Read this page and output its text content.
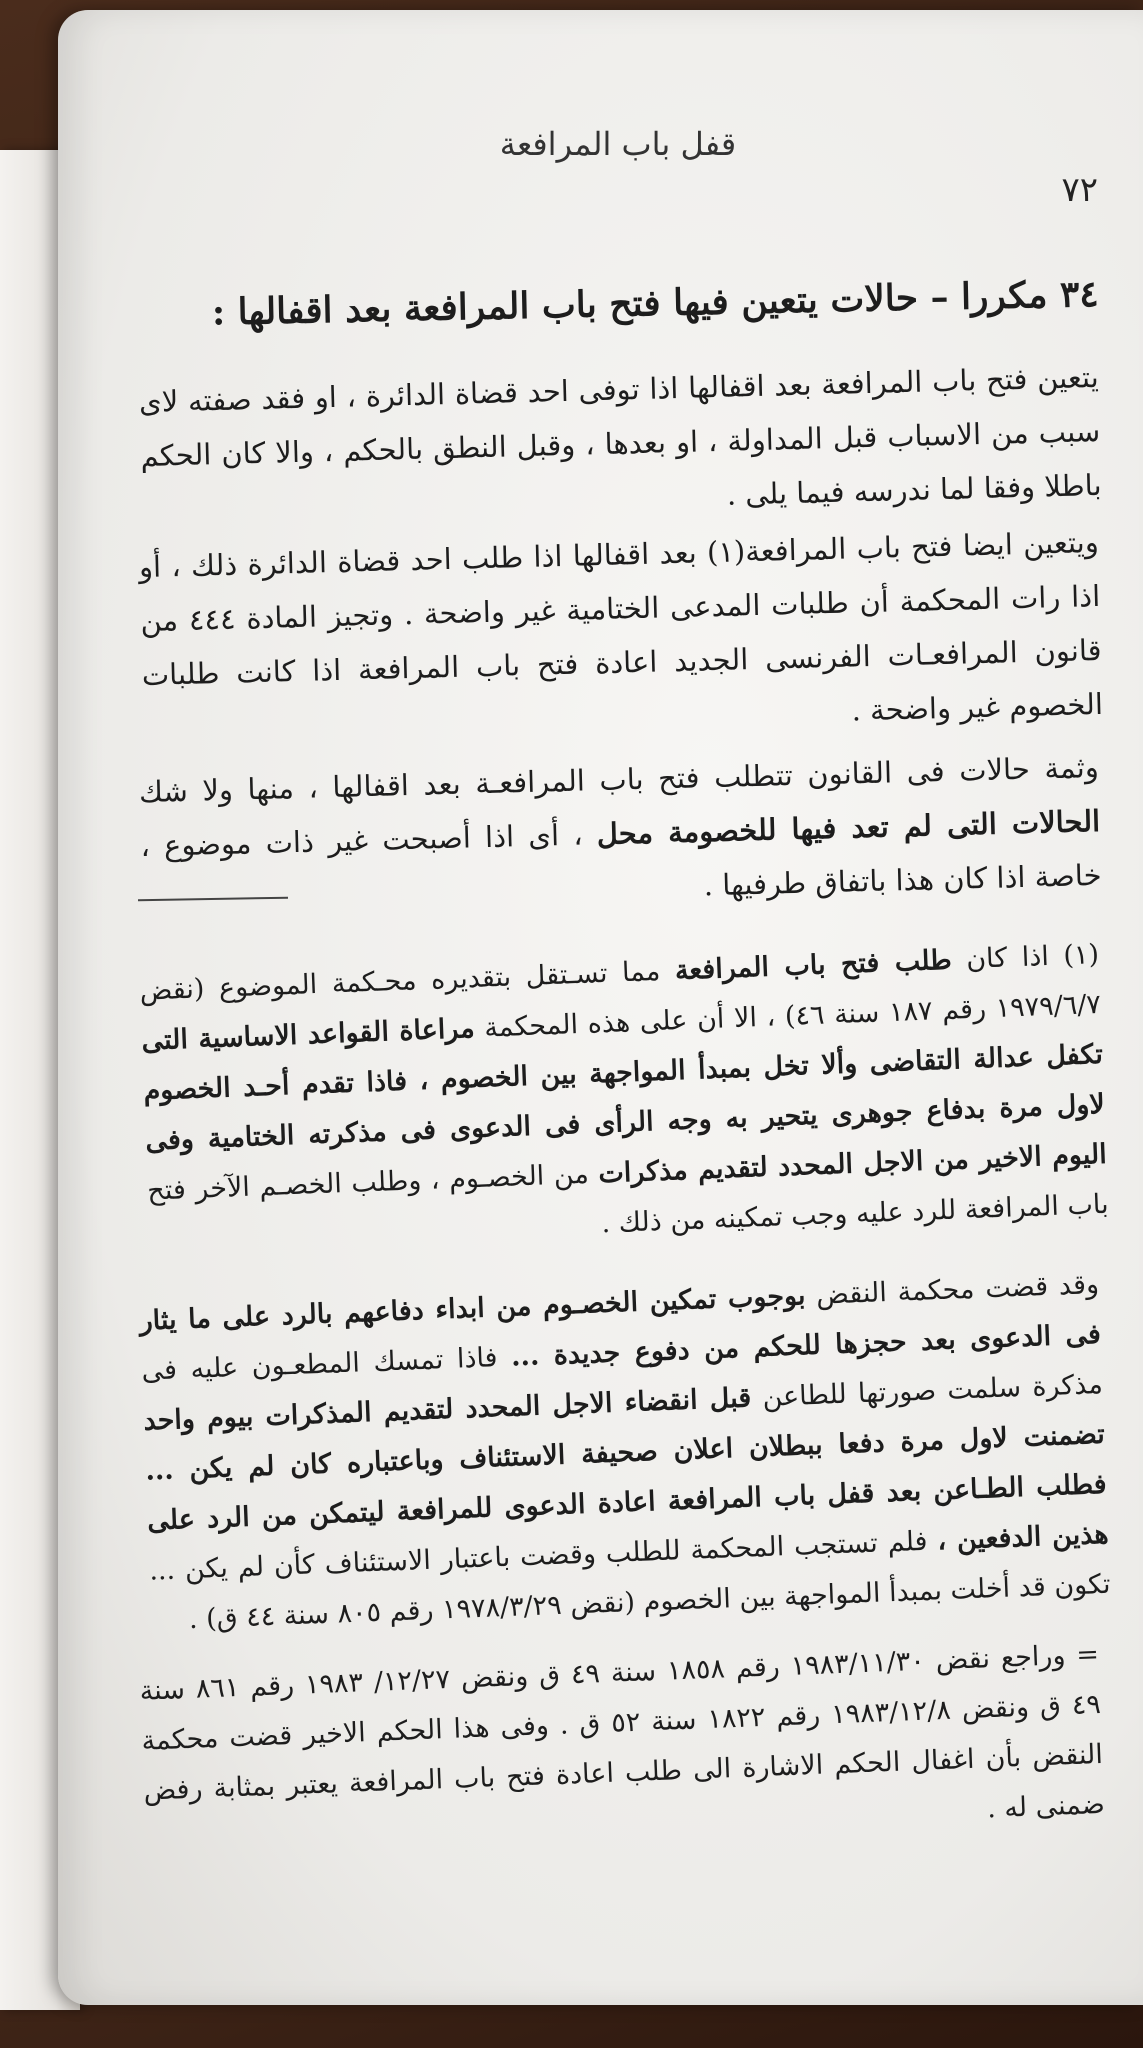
قفل باب المرافعة
٧٢
٣٤ مكررا – حالات يتعين فيها فتح باب المرافعة بعد اقفالها :

يتعين فتح باب المرافعة بعد اقفالها اذا توفى احد قضاة الدائرة ، او فقد صفته لاى سبب من الاسباب قبل المداولة ، او بعدها ، وقبل النطق بالحكم ، والا كان الحكم باطلا وفقا لما ندرسه فيما يلى .

ويتعين ايضا فتح باب المرافعة(١) بعد اقفالها اذا طلب احد قضاة الدائرة ذلك ، أو اذا رات المحكمة أن طلبات المدعى الختامية غير واضحة . وتجيز المادة ٤٤٤ من قانون المرافعـات الفرنسى الجديد اعادة فتح باب المرافعة اذا كانت طلبات الخصوم غير واضحة .

وثمة حالات فى القانون تتطلب فتح باب المرافعـة بعد اقفالها ، منها ولا شك الحالات التى لم تعد فيها للخصومة محل ، أى اذا أصبحت غير ذات موضوع ، خاصة اذا كان هذا باتفاق طرفيها .

(١) اذا كان طلب فتح باب المرافعة مما تسـتقل بتقديره محـكمة الموضوع (نقض ١٩٧٩/٦/٧ رقم ١٨٧ سنة ٤٦) ، الا أن على هذه المحكمة مراعاة القواعد الاساسية التى تكفل عدالة التقاضى وألا تخل بمبدأ المواجهة بين الخصوم ، فاذا تقدم أحـد الخصوم لاول مرة بدفاع جوهرى يتحير به وجه الرأى فى الدعوى فى مذكرته الختامية وفى اليوم الاخير من الاجل المحدد لتقديم مذكرات من الخصـوم ، وطلب الخصـم الآخر فتح باب المرافعة للرد عليه وجب تمكينه من ذلك .

وقد قضت محكمة النقض بوجوب تمكين الخصـوم من ابداء دفاعهم بالرد على ما يثار فى الدعوى بعد حجزها للحكم من دفوع جديدة ... فاذا تمسك المطعـون عليه فى مذكرة سلمت صورتها للطاعن قبل انقضاء الاجل المحدد لتقديم المذكرات بيوم واحد تضمنت لاول مرة دفعا ببطلان اعلان صحيفة الاستئناف وباعتباره كان لم يكن ... فطلب الطـاعن بعد قفل باب المرافعة اعادة الدعوى للمرافعة ليتمكن من الرد على هذين الدفعين ، فلم تستجب المحكمة للطلب وقضت باعتبار الاستئناف كأن لم يكن ... تكون قد أخلت بمبدأ المواجهة بين الخصوم (نقض ١٩٧٨/٣/٢٩ رقم ٨٠٥ سنة ٤٤ ق) .

= وراجع نقض ١٩٨٣/١١/٣٠ رقم ١٨٥٨ سنة ٤٩ ق ونقض ١٢/٢٧/ ١٩٨٣ رقم ٨٦١ سنة ٤٩ ق ونقض ١٩٨٣/١٢/٨ رقم ١٨٢٢ سنة ٥٢ ق . وفى هذا الحكم الاخير قضت محكمة النقض بأن اغفال الحكم الاشارة الى طلب اعادة فتح باب المرافعة يعتبر بمثابة رفض ضمنى له .
